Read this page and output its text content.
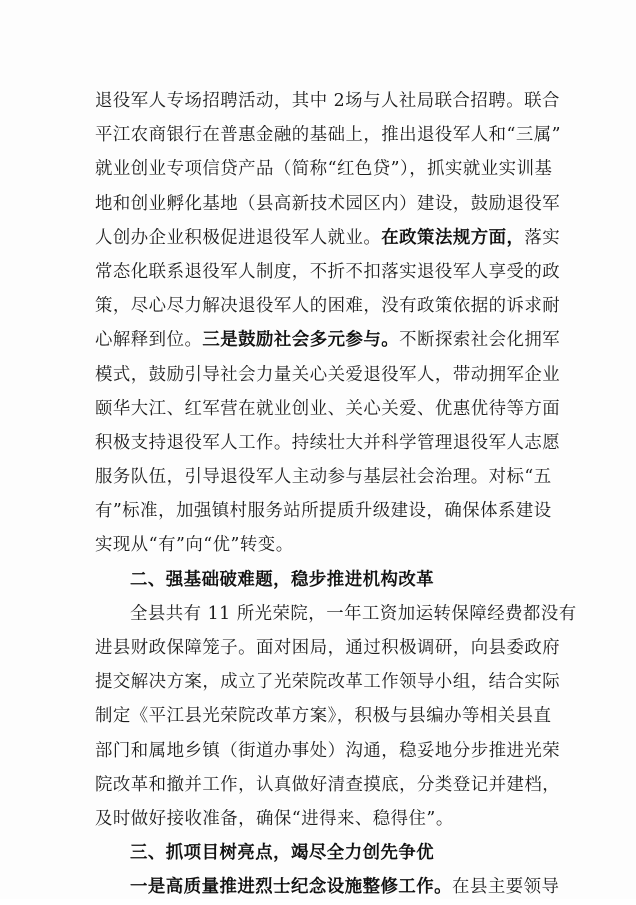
退役军人专场招聘活动，其中 2场与人社局联合招聘。联合
平江农商银行在普惠金融的基础上，推出退役军人和“三属”
就业创业专项信贷产品（简称“红色贷”），抓实就业实训基
地和创业孵化基地（县高新技术园区内）建设，鼓励退役军
人创办企业积极促进退役军人就业。在政策法规方面，落实
常态化联系退役军人制度，不折不扣落实退役军人享受的政
策，尽心尽力解决退役军人的困难，没有政策依据的诉求耐
心解释到位。三是鼓励社会多元参与。不断探索社会化拥军
模式，鼓励引导社会力量关心关爱退役军人，带动拥军企业
颐华大江、红军营在就业创业、关心关爱、优惠优待等方面
积极支持退役军人工作。持续壮大并科学管理退役军人志愿
服务队伍，引导退役军人主动参与基层社会治理。对标“五
有”标准，加强镇村服务站所提质升级建设，确保体系建设
实现从“有”向“优”转变。
二、强基础破难题，稳步推进机构改革
全县共有 11 所光荣院，一年工资加运转保障经费都没有
进县财政保障笼子。面对困局，通过积极调研，向县委政府
提交解决方案，成立了光荣院改革工作领导小组，结合实际
制定《平江县光荣院改革方案》，积极与县编办等相关县直
部门和属地乡镇（街道办事处）沟通，稳妥地分步推进光荣
院改革和撤并工作，认真做好清查摸底，分类登记并建档，
及时做好接收准备，确保“进得来、稳得住”。
三、抓项目树亮点，竭尽全力创先争优
一是高质量推进烈士纪念设施整修工作。在县主要领导
